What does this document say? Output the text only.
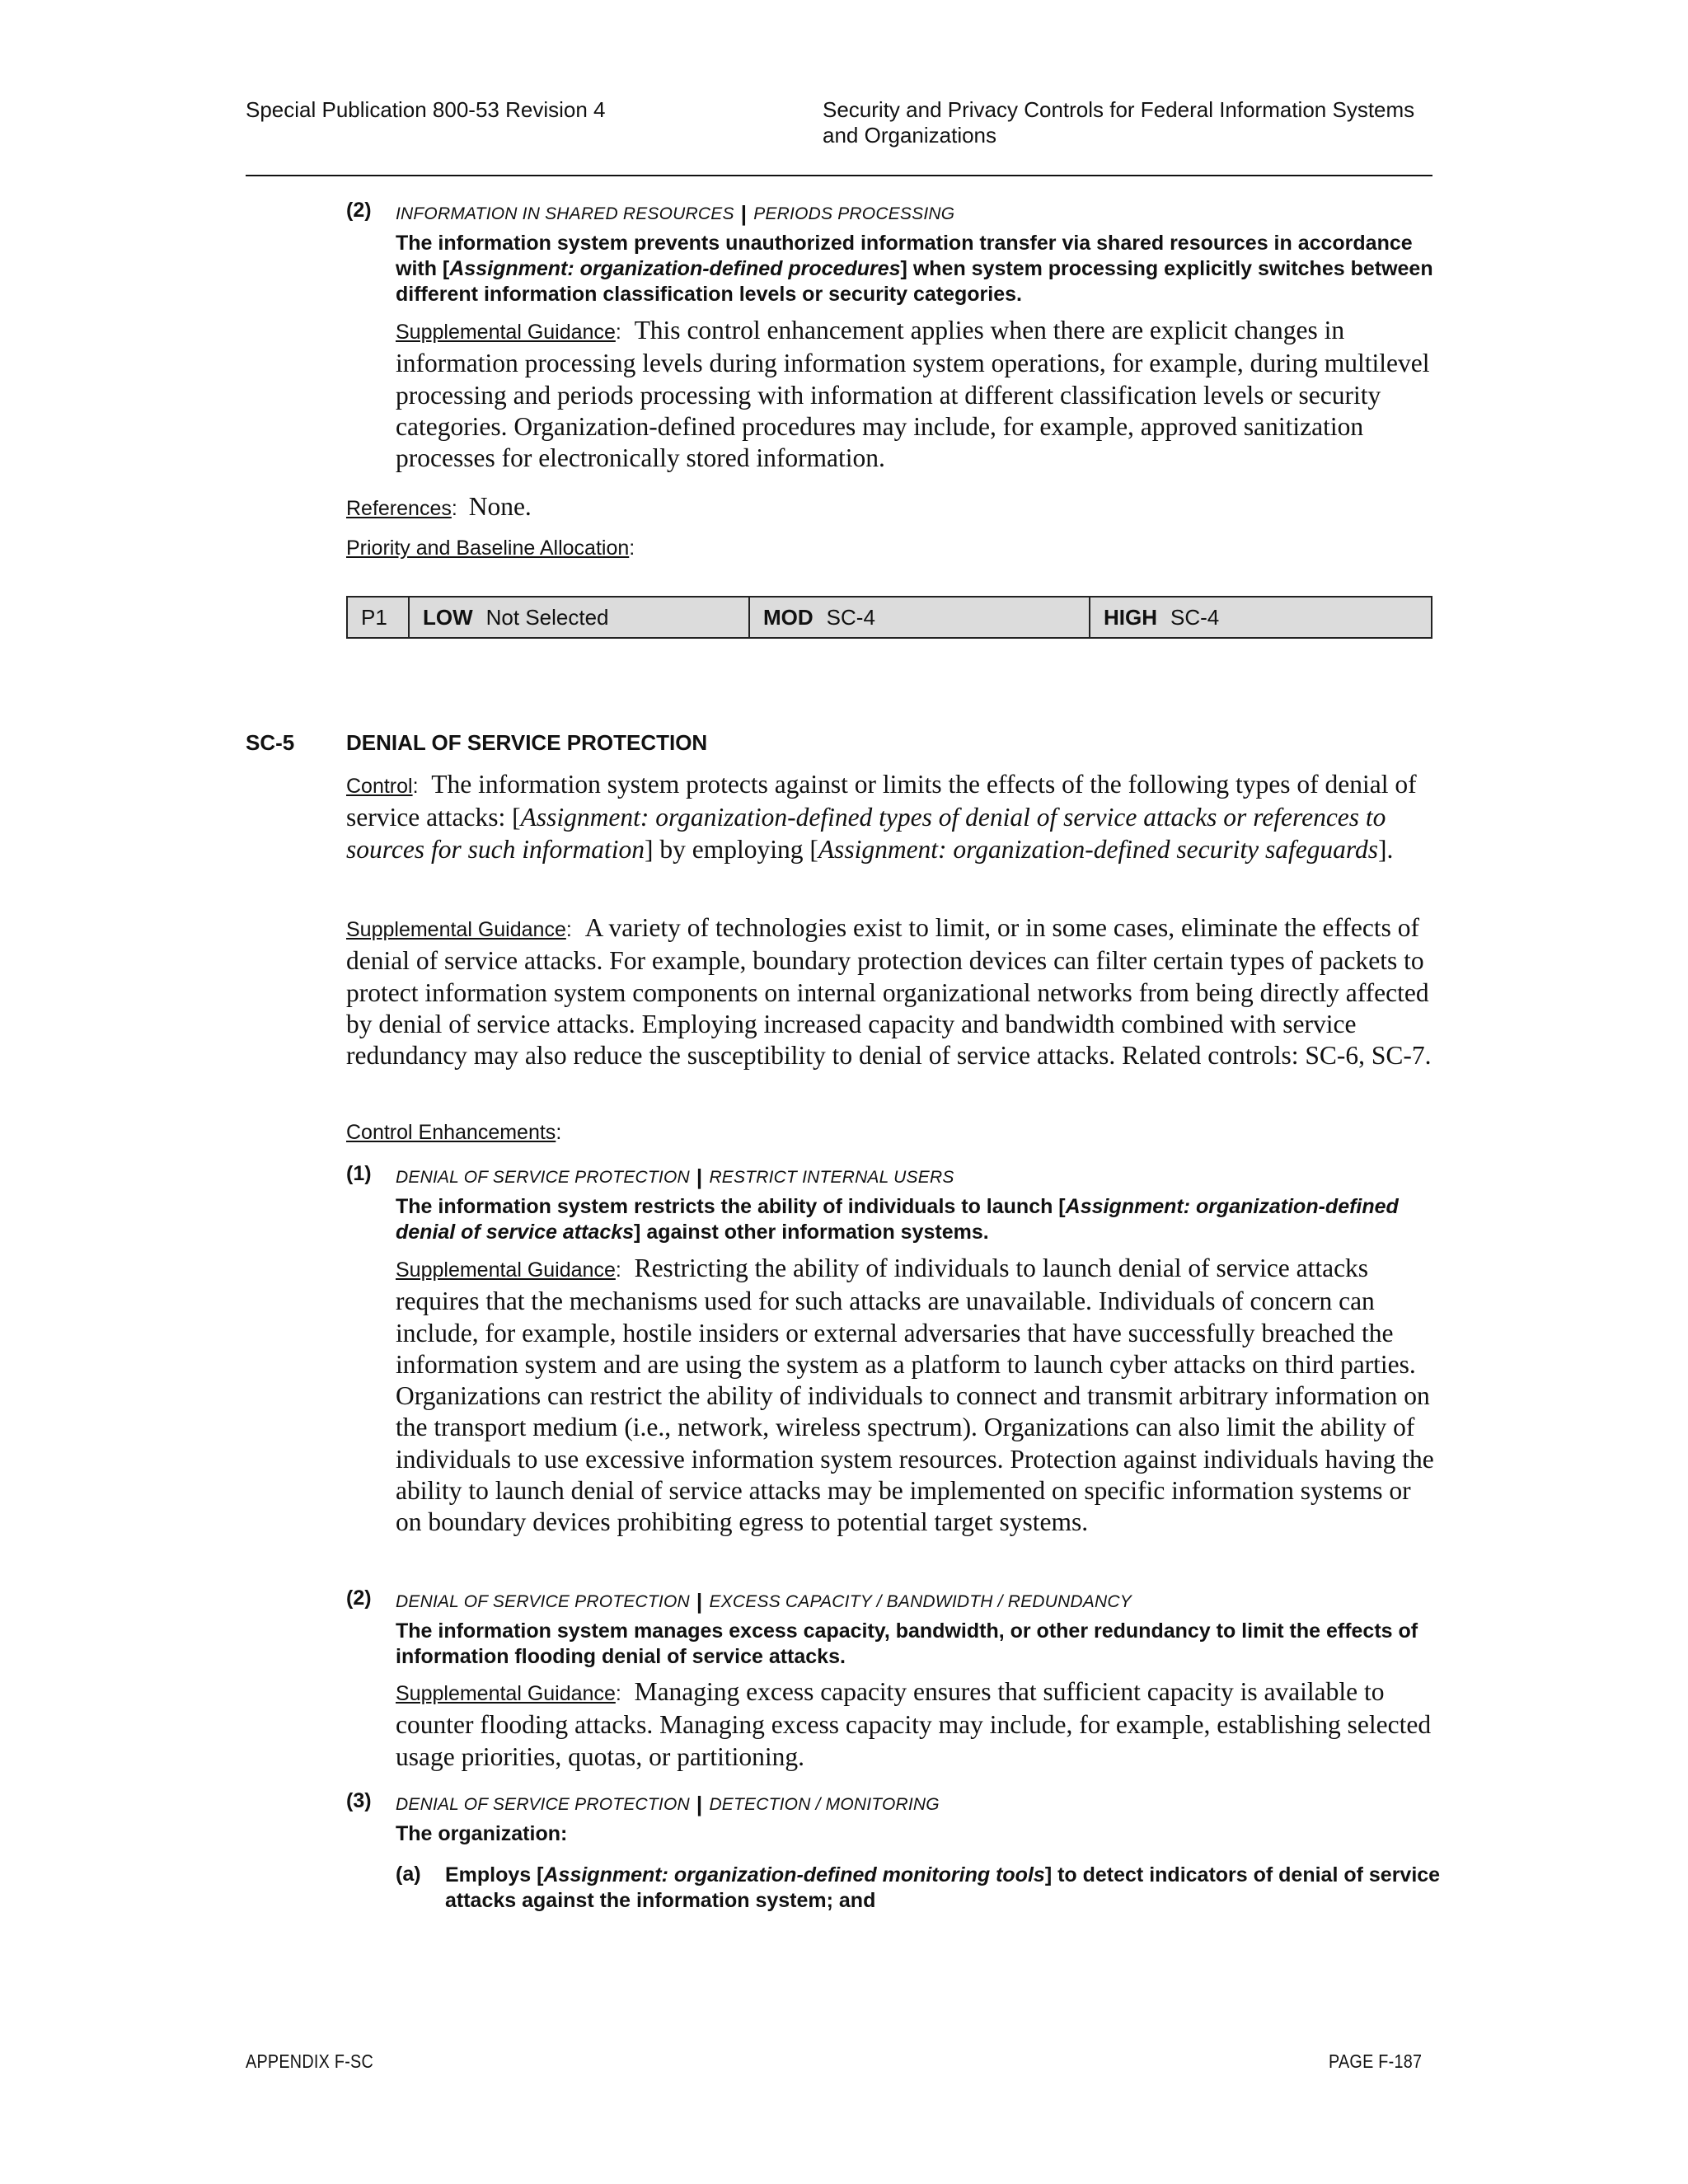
Special Publication 800-53 Revision 4	Security and Privacy Controls for Federal Information Systems and Organizations
(2) INFORMATION IN SHARED RESOURCES | PERIODS PROCESSING
The information system prevents unauthorized information transfer via shared resources in accordance with [Assignment: organization-defined procedures] when system processing explicitly switches between different information classification levels or security categories.
Supplemental Guidance: This control enhancement applies when there are explicit changes in information processing levels during information system operations, for example, during multilevel processing and periods processing with information at different classification levels or security categories. Organization-defined procedures may include, for example, approved sanitization processes for electronically stored information.
References:  None.
Priority and Baseline Allocation:
P1	LOW Not Selected	MOD SC-4	HIGH SC-4
SC-5 DENIAL OF SERVICE PROTECTION
Control: The information system protects against or limits the effects of the following types of denial of service attacks: [Assignment: organization-defined types of denial of service attacks or references to sources for such information] by employing [Assignment: organization-defined security safeguards].
Supplemental Guidance: A variety of technologies exist to limit, or in some cases, eliminate the effects of denial of service attacks. For example, boundary protection devices can filter certain types of packets to protect information system components on internal organizational networks from being directly affected by denial of service attacks. Employing increased capacity and bandwidth combined with service redundancy may also reduce the susceptibility to denial of service attacks. Related controls: SC-6, SC-7.
Control Enhancements:
(1) DENIAL OF SERVICE PROTECTION | RESTRICT INTERNAL USERS
The information system restricts the ability of individuals to launch [Assignment: organization-defined denial of service attacks] against other information systems.
Supplemental Guidance: Restricting the ability of individuals to launch denial of service attacks requires that the mechanisms used for such attacks are unavailable. Individuals of concern can include, for example, hostile insiders or external adversaries that have successfully breached the information system and are using the system as a platform to launch cyber attacks on third parties. Organizations can restrict the ability of individuals to connect and transmit arbitrary information on the transport medium (i.e., network, wireless spectrum). Organizations can also limit the ability of individuals to use excessive information system resources. Protection against individuals having the ability to launch denial of service attacks may be implemented on specific information systems or on boundary devices prohibiting egress to potential target systems.
(2) DENIAL OF SERVICE PROTECTION | EXCESS CAPACITY / BANDWIDTH / REDUNDANCY
The information system manages excess capacity, bandwidth, or other redundancy to limit the effects of information flooding denial of service attacks.
Supplemental Guidance: Managing excess capacity ensures that sufficient capacity is available to counter flooding attacks. Managing excess capacity may include, for example, establishing selected usage priorities, quotas, or partitioning.
(3) DENIAL OF SERVICE PROTECTION | DETECTION / MONITORING
The organization:
(a) Employs [Assignment: organization-defined monitoring tools] to detect indicators of denial of service attacks against the information system; and
APPENDIX F-SC	PAGE F-187
